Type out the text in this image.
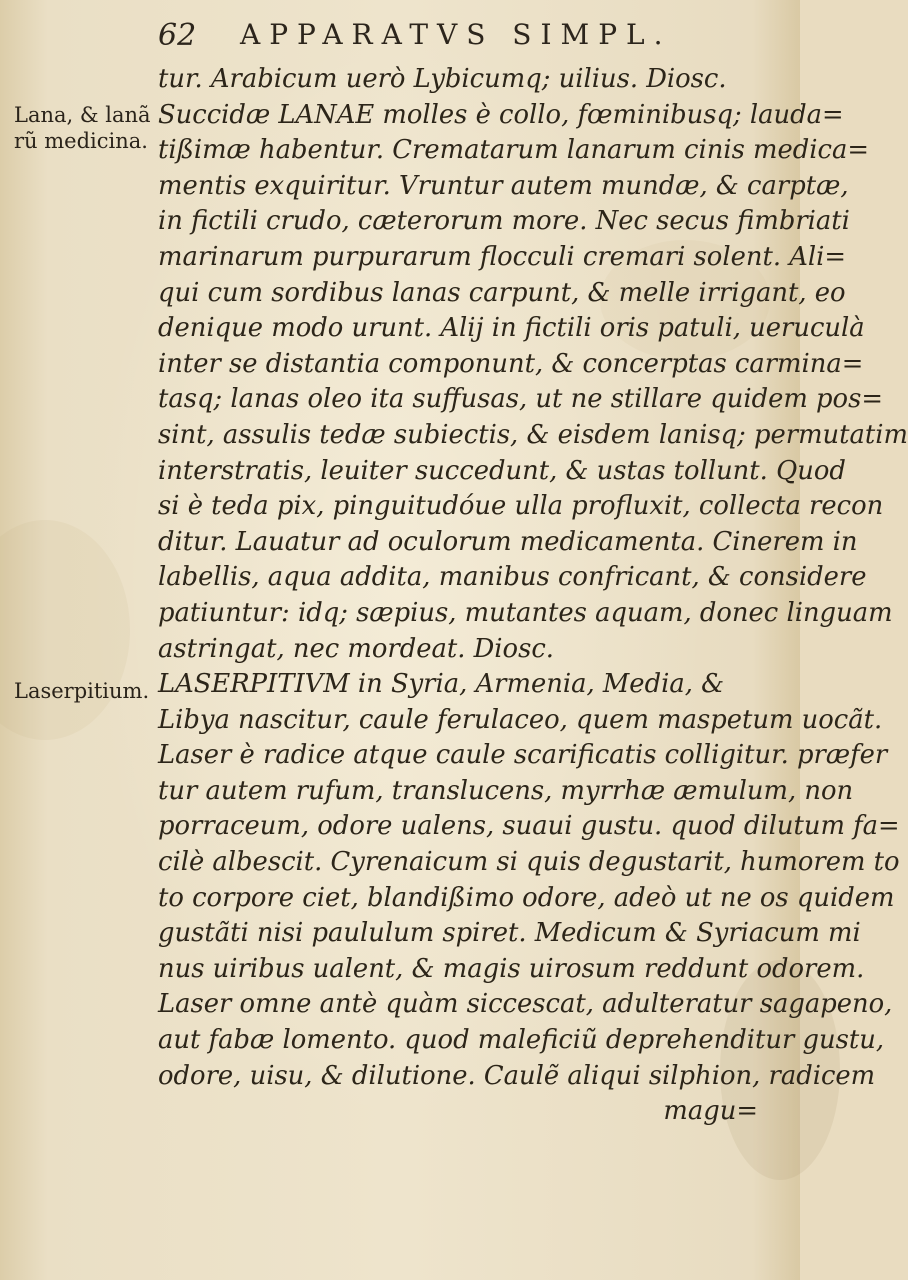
62 APPARATVS SIMPL.
Lana, & lanã
rũ medicina.
Laserpitium.
tur. Arabicum uerò Lybicumq; uilius. Diosc.
Succidæ LANAE molles è collo, fœminibusq; lauda=
tißimæ habentur. Crematarum lanarum cinis medica=
mentis exquiritur. Vruntur autem mundæ, & carptæ,
in fictili crudo, cæterorum more. Nec secus fimbriati
marinarum purpurarum flocculi cremari solent. Ali=
qui cum sordibus lanas carpunt, & melle irrigant, eo
denique modo urunt. Alij in fictili oris patuli, ueruculà
inter se distantia componunt, & concerptas carmina=
tasq; lanas oleo ita suffusas, ut ne stillare quidem pos=
sint, assulis tedæ subiectis, & eisdem lanisq; permutatim
interstratis, leuiter succedunt, & ustas tollunt. Quod
si è teda pix, pinguitudóue ulla profluxit, collecta recon
ditur. Lauatur ad oculorum medicamenta. Cinerem in
labellis, aqua addita, manibus confricant, & considere
patiuntur: idq; sæpius, mutantes aquam, donec linguam
astringat, nec mordeat. Diosc.
LASERPITIVM in Syria, Armenia, Media, &
Libya nascitur, caule ferulaceo, quem maspetum uocãt.
Laser è radice atque caule scarificatis colligitur. præfer
tur autem rufum, translucens, myrrhæ æmulum, non
porraceum, odore ualens, suaui gustu. quod dilutum fa=
cilè albescit. Cyrenaicum si quis degustarit, humorem to
to corpore ciet, blandißimo odore, adeò ut ne os quidem
gustãti nisi paululum spiret. Medicum & Syriacum mi
nus uiribus ualent, & magis uirosum reddunt odorem.
Laser omne antè quàm siccescat, adulteratur sagapeno,
aut fabæ lomento. quod maleficiũ deprehenditur gustu,
odore, uisu, & dilutione. Caulẽ aliqui silphion, radicem
magu=
